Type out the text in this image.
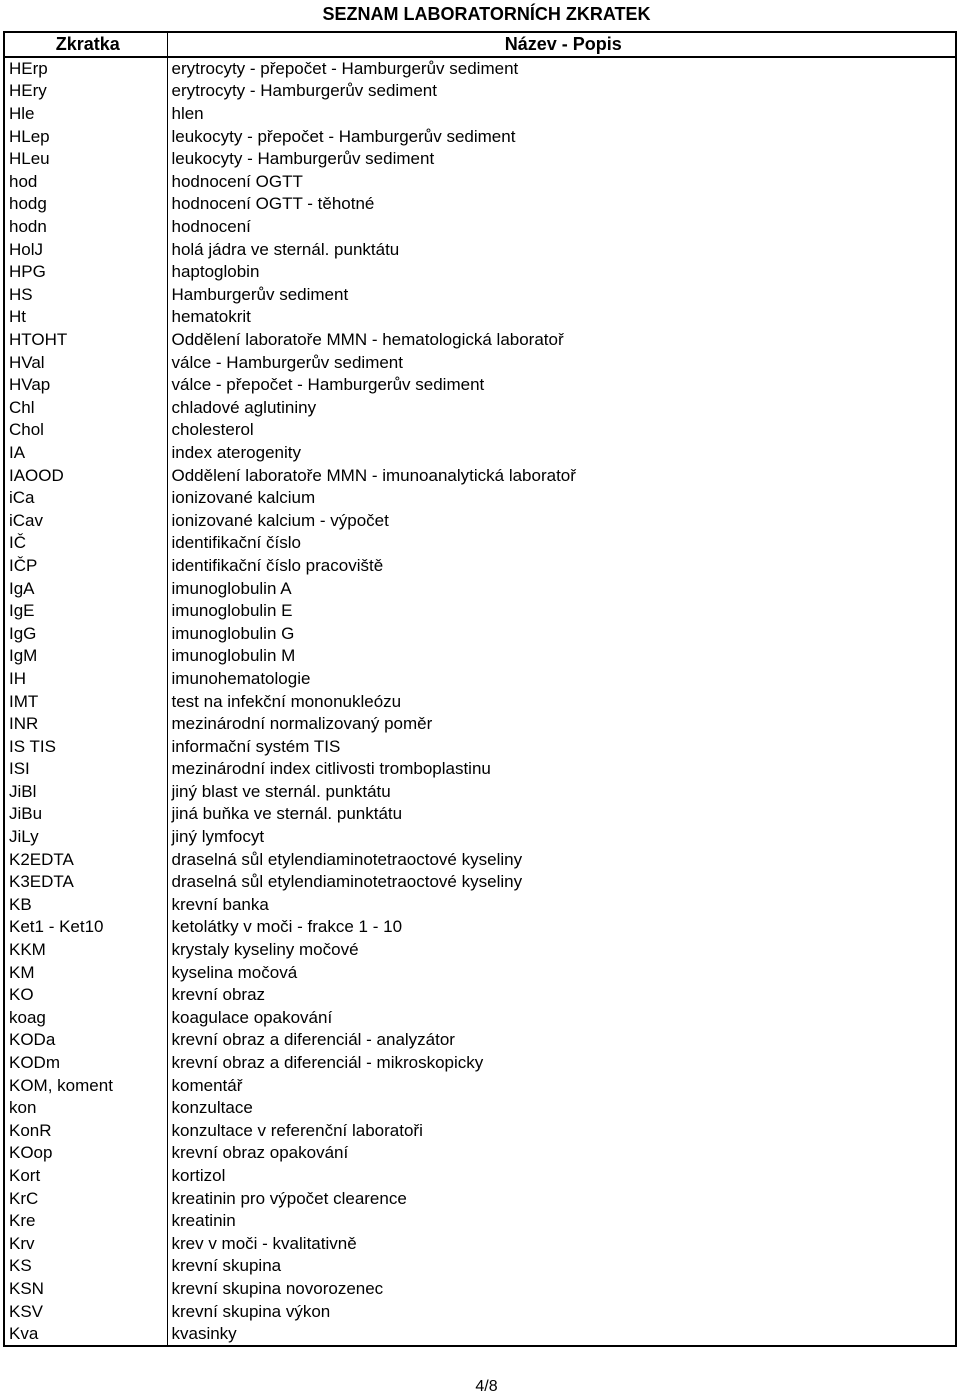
SEZNAM LABORATORNÍCH ZKRATEK
Zkratka	Název - Popis
HErp	erytrocyty - přepočet - Hamburgerův sediment
HEry	erytrocyty - Hamburgerův sediment
Hle	hlen
HLep	leukocyty - přepočet - Hamburgerův sediment
HLeu	leukocyty - Hamburgerův sediment
hod	hodnocení OGTT
hodg	hodnocení OGTT - těhotné
hodn	hodnocení
HolJ	holá jádra ve sternál. punktátu
HPG	haptoglobin
HS	Hamburgerův sediment
Ht	hematokrit
HTOHT	Oddělení laboratoře MMN - hematologická laboratoř
HVal	válce - Hamburgerův sediment
HVap	válce - přepočet - Hamburgerův sediment
Chl	chladové aglutininy
Chol	cholesterol
IA	index aterogenity
IAOOD	Oddělení laboratoře MMN - imunoanalytická laboratoř
iCa	ionizované kalcium
iCav	ionizované kalcium - výpočet
IČ	identifikační číslo
IČP	identifikační číslo pracoviště
IgA	imunoglobulin A
IgE	imunoglobulin E
IgG	imunoglobulin G
IgM	imunoglobulin M
IH	imunohematologie
IMT	test na infekční mononukleózu
INR	mezinárodní normalizovaný poměr
IS TIS	informační systém TIS
ISI	mezinárodní index citlivosti tromboplastinu
JiBl	jiný blast ve sternál. punktátu
JiBu	jiná buňka ve sternál. punktátu
JiLy	jiný lymfocyt
K2EDTA	draselná sůl etylendiaminotetraoctové kyseliny
K3EDTA	draselná sůl etylendiaminotetraoctové kyseliny
KB	krevní banka
Ket1 - Ket10	ketolátky v moči - frakce 1 - 10
KKM	krystaly kyseliny močové
KM	kyselina močová
KO	krevní obraz
koag	koagulace opakování
KODa	krevní obraz a diferenciál - analyzátor
KODm	krevní obraz a diferenciál - mikroskopicky
KOM, koment	komentář
kon	konzultace
KonR	konzultace v referenční laboratoři
KOop	krevní obraz opakování
Kort	kortizol
KrC	kreatinin pro výpočet clearence
Kre	kreatinin
Krv	krev v moči - kvalitativně
KS	krevní skupina
KSN	krevní skupina novorozenec
KSV	krevní skupina výkon
Kva	kvasinky
4/8
